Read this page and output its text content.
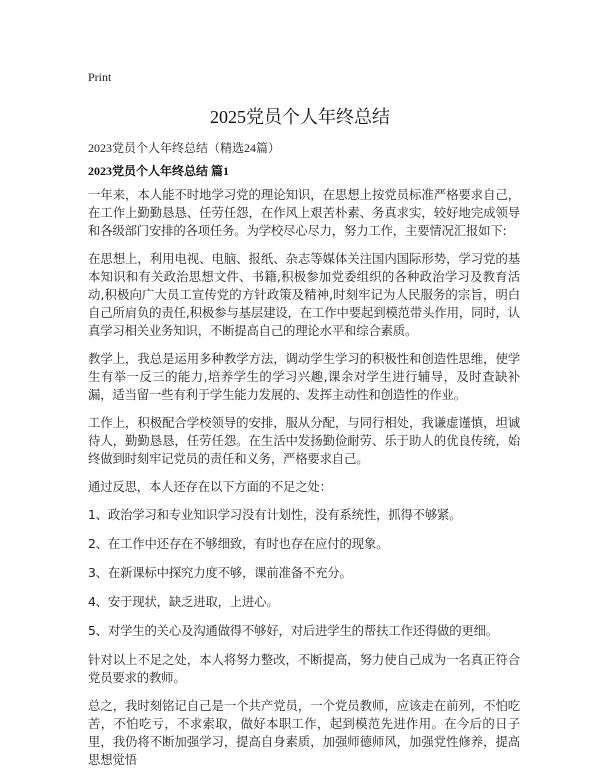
Print
2025党员个人年终总结
2023党员个人年终总结（精选24篇）
2023党员个人年终总结 篇1

一年来，本人能不时地学习党的理论知识，在思想上按党员标准严格要求自己，在工作上勤勤恳恳、任劳任怨，在作风上艰苦朴素、务真求实，较好地完成领导和各级部门安排的各项任务。为学校尽心尽力，努力工作，主要情况汇报如下:

在思想上，利用电视、电脑、报纸、杂志等媒体关注国内国际形势，学习党的基本知识和有关政治思想文件、书籍,积极参加党委组织的各种政治学习及教育活动,积极向广大员工宣传党的方针政策及精神,时刻牢记为人民服务的宗旨，明白自己所肩负的责任,积极参与基层建设，在工作中要起到模范带头作用，同时，认真学习相关业务知识，不断提高自己的理论水平和综合素质。

教学上，我总是运用多种教学方法，调动学生学习的积极性和创造性思维，使学生有举一反三的能力,培养学生的学习兴趣,课余对学生进行辅导，及时查缺补漏，适当留一些有利于学生能力发展的、发挥主动性和创造性的作业。

工作上，积极配合学校领导的安排，服从分配，与同行相处，我谦虚谨慎，坦诚待人，勤勤恳恳，任劳任怨。在生活中发扬勤俭耐劳、乐于助人的优良传统，始终做到时刻牢记党员的责任和义务，严格要求自己。

通过反思，本人还存在以下方面的不足之处：

1、政治学习和专业知识学习没有计划性，没有系统性，抓得不够紧。

2、在工作中还存在不够细致，有时也存在应付的现象。

3、在新课标中探究力度不够，课前准备不充分。

4、安于现状，缺乏进取，上进心。

5、对学生的关心及沟通做得不够好，对后进学生的帮扶工作还得做的更细。

针对以上不足之处，本人将努力整改，不断提高，努力使自己成为一名真正符合党员要求的教师。

总之，我时刻铭记自己是一个共产党员，一个党员教师，应该走在前列，不怕吃苦，不怕吃亏，不求索取，做好本职工作，起到模范先进作用。在今后的日子里，我仍将不断加强学习，提高自身素质，加强师德师风，加强党性修养，提高思想觉悟
